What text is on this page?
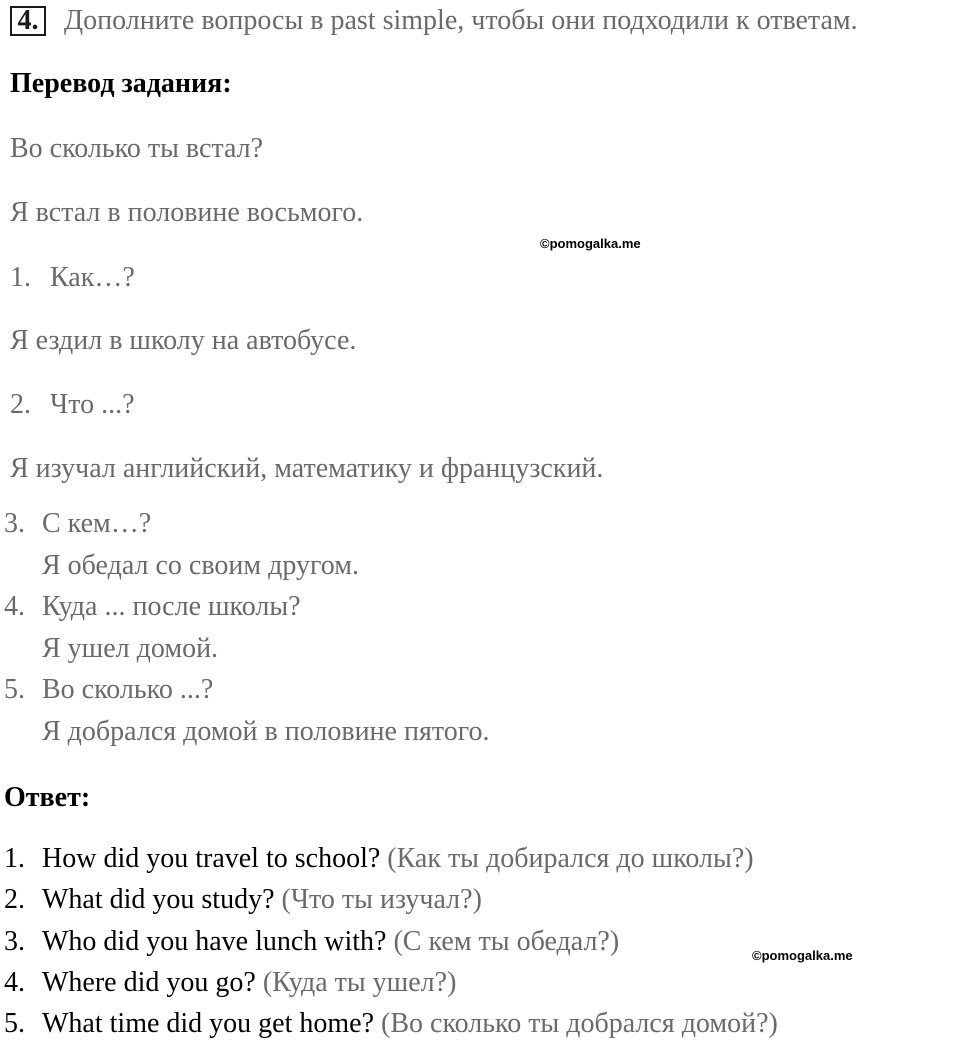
4. Дополните вопросы в past simple, чтобы они подходили к ответам.
Перевод задания:
Во сколько ты встал?
Я встал в половине восьмого.
©pomogalka.me
1. Как…?
Я ездил в школу на автобусе.
2. Что ...?
Я изучал английский, математику и французский.
3. С кем…?
Я обедал со своим другом.
4. Куда ... после школы?
Я ушел домой.
5. Во сколько ...?
Я добрался домой в половине пятого.
Ответ:
1. How did you travel to school? (Как ты добирался до школы?)
2. What did you study? (Что ты изучал?)
3. Who did you have lunch with? (С кем ты обедал?)	©pomogalka.me
4. Where did you go? (Куда ты ушел?)
5. What time did you get home? (Во сколько ты добрался домой?)
